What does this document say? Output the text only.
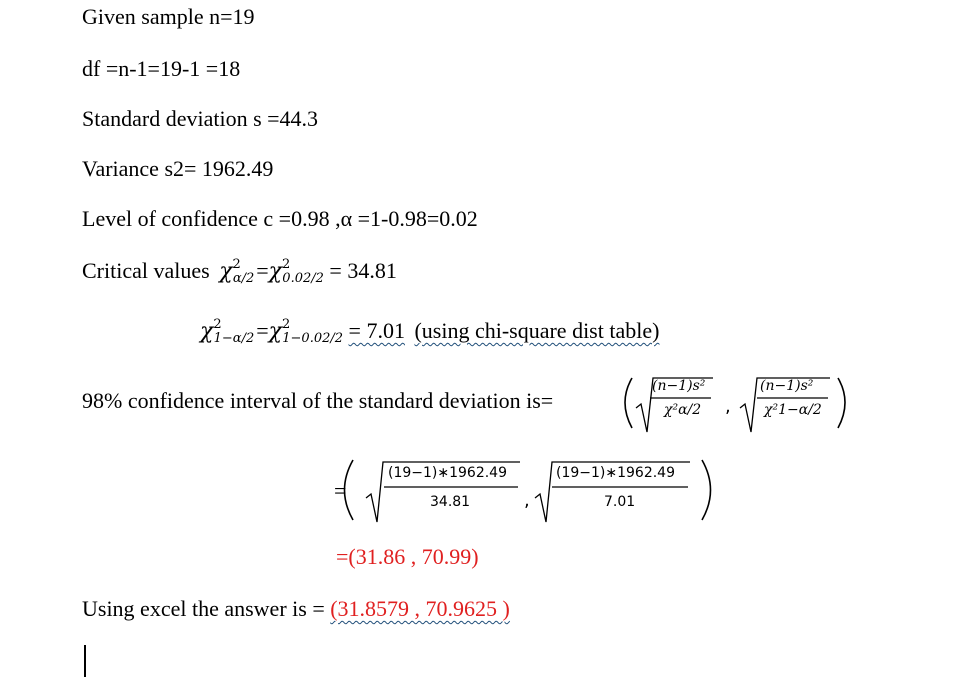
Given sample n=19
df =n-1=19-1 =18
Standard deviation s =44.3
Variance s2= 1962.49
Level of confidence c =0.98 ,α =1-0.98=0.02
Critical values $\chi^2\alpha/2=\chi^20.02/2 = 34.81$
$\chi^21-\alpha/2=\chi^21-0.02/2 = 7.01$ (using chi-square dist table)
98% confidence interval of the standard deviation is=
(n−1)s²
χ²α/2 ,
(n−1)s²
χ²1−α/2
=
(19−1)∗1962.49
34.81	,
(19−1)∗1962.49
7.01
=(31.86 , 70.99)
Using excel the answer is = (31.8579 , 70.9625 )
